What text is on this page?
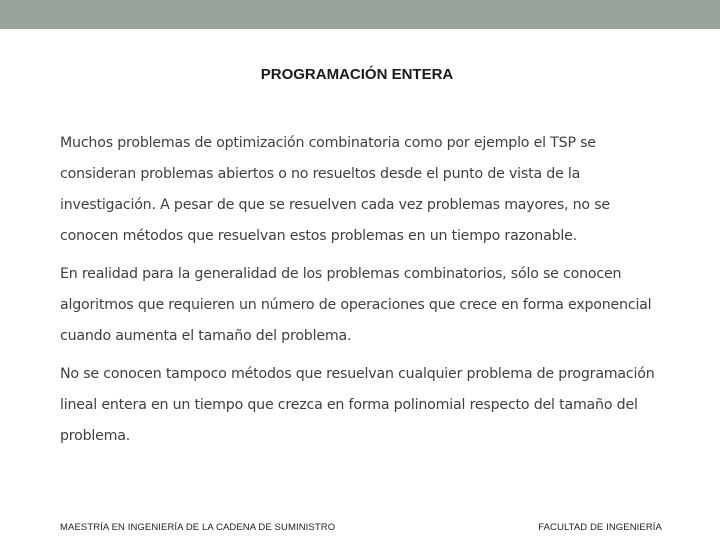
PROGRAMACIÓN ENTERA

Muchos problemas de optimización combinatoria como por ejemplo el TSP se consideran problemas abiertos o no resueltos desde el punto de vista de la investigación. A pesar de que se resuelven cada vez problemas mayores, no se conocen métodos que resuelvan estos problemas en un tiempo razonable.

En realidad para la generalidad de los problemas combinatorios, sólo se conocen algoritmos que requieren un número de operaciones que crece en forma exponencial cuando aumenta el tamaño del problema.

No se conocen tampoco métodos que resuelvan cualquier problema de programación lineal entera en un tiempo que crezca en forma polinomial respecto del tamaño del problema.

MAESTRÍA EN INGENIERÍA DE LA CADENA DE SUMINISTRO	FACULTAD DE INGENIERÍA
